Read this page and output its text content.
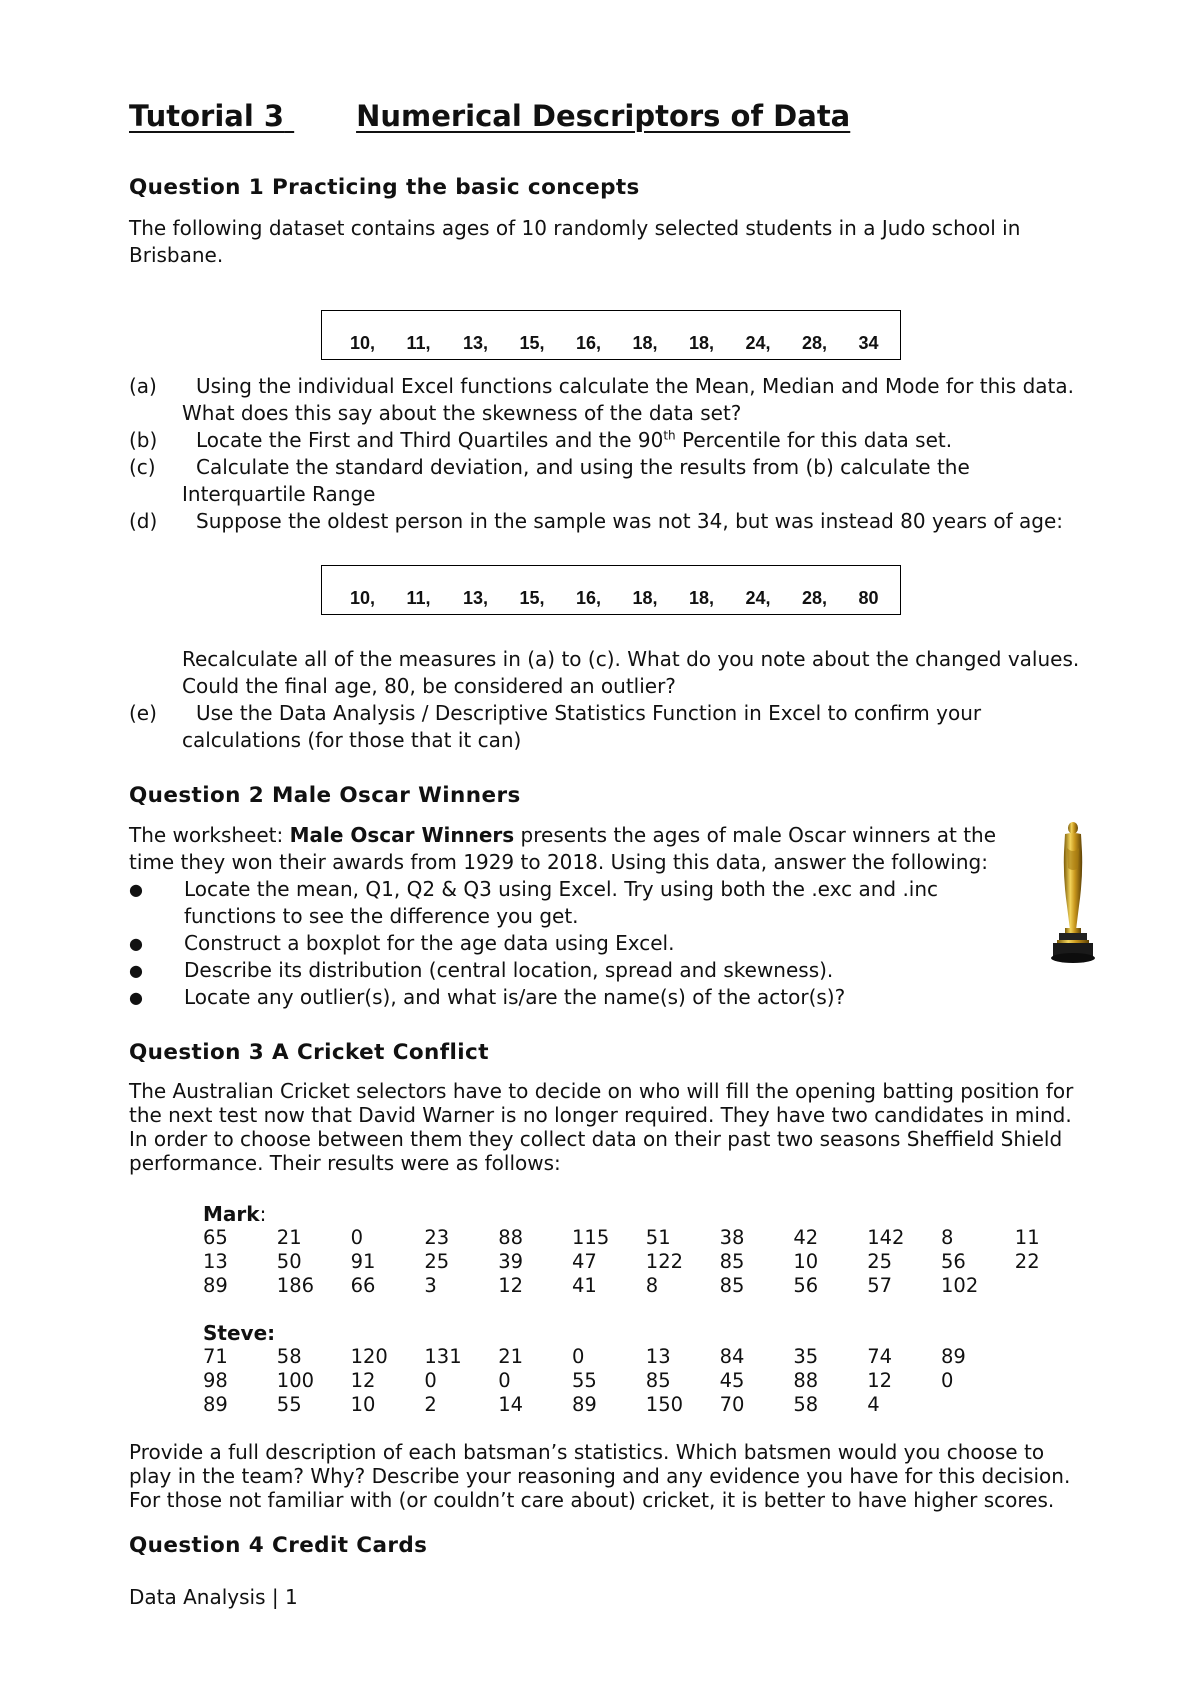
Tutorial 3 Numerical Descriptors of Data
Question 1 Practicing the basic concepts

The following dataset contains ages of 10 randomly selected students in a Judo school in

Brisbane.

10, 11, 13, 15, 16, 18, 18, 24, 28, 34
(a) Using the individual Excel functions calculate the Mean, Median and Mode for this data.
What does this say about the skewness of the data set?
(b) Locate the First and Third Quartiles and the 90th Percentile for this data set.
(c) Calculate the standard deviation, and using the results from (b) calculate the
Interquartile Range
(d) Suppose the oldest person in the sample was not 34, but was instead 80 years of age:
10, 11, 13, 15, 16, 18, 18, 24, 28, 80
Recalculate all of the measures in (a) to (c). What do you note about the changed values.
Could the final age, 80, be considered an outlier?
(e) Use the Data Analysis / Descriptive Statistics Function in Excel to confirm your
calculations (for those that it can)
Question 2 Male Oscar Winners
The worksheet: Male Oscar Winners presents the ages of male Oscar winners at the
time they won their awards from 1929 to 2018. Using this data, answer the following:
● Locate the mean, Q1, Q2 & Q3 using Excel. Try using both the .exc and .inc
functions to see the difference you get.
● Construct a boxplot for the age data using Excel.
● Describe its distribution (central location, spread and skewness).
● Locate any outlier(s), and what is/are the name(s) of the actor(s)?
Question 3 A Cricket Conflict

The Australian Cricket selectors have to decide on who will fill the opening batting position for

the next test now that David Warner is no longer required. They have two candidates in mind.

In order to choose between them they collect data on their past two seasons Sheffield Shield

performance. Their results were as follows:

Mark:
65	21	0	23	88	115 51	38	42	142 8	11
13	50	91	25	39	47	122 85	10	25	56	22
89	186 66	3	12	41	8	85	56	57	102
Steve:
71	58	120 131 21	0	13	84	35	74	89
98	100 12	0	0	55	85	45	88	12	0
89	55	10	2	14	89	150 70	58	4

Provide a full description of each batsman’s statistics. Which batsmen would you choose to

play in the team? Why? Describe your reasoning and any evidence you have for this decision.

For those not familiar with (or couldn’t care about) cricket, it is better to have higher scores.

Question 4 Credit Cards
Data Analysis | 1
